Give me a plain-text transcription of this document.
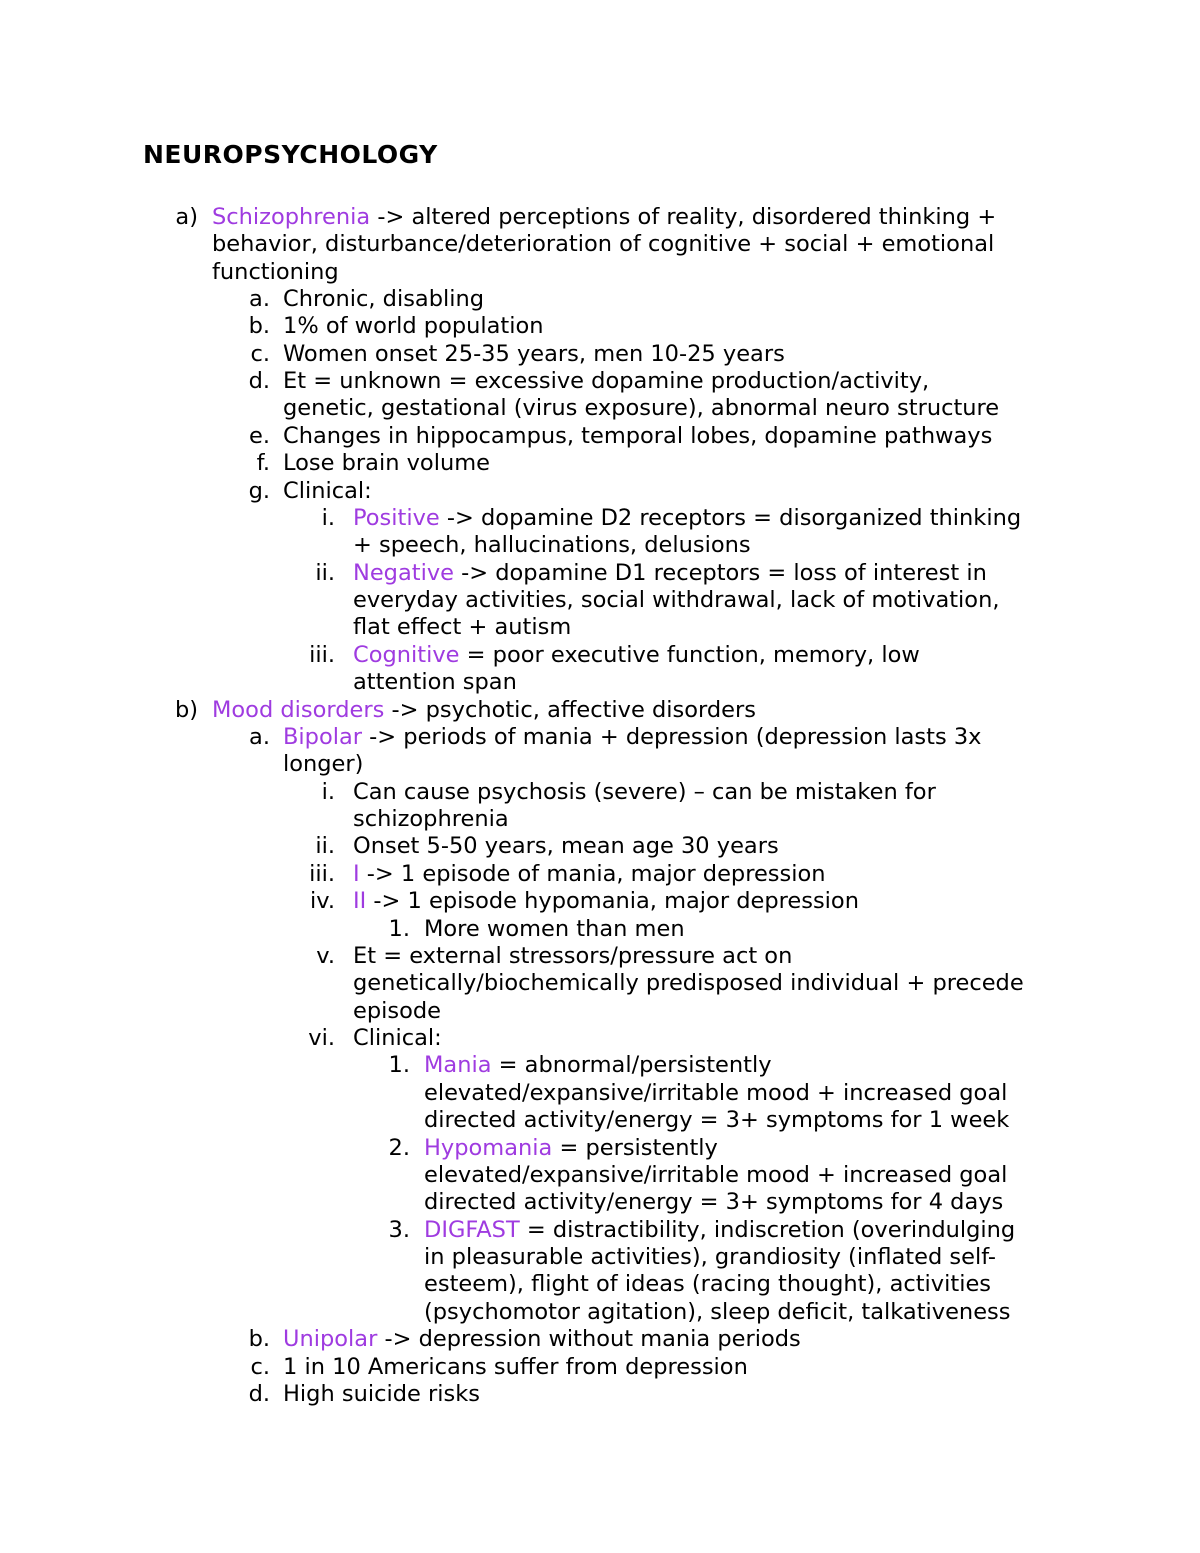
NEUROPSYCHOLOGY
a) Schizophrenia -> altered perceptions of reality, disordered thinking +
behavior, disturbance/deterioration of cognitive + social + emotional
functioning
a. Chronic, disabling
b. 1% of world population
c. Women onset 25-35 years, men 10-25 years
d. Et = unknown = excessive dopamine production/activity,
genetic, gestational (virus exposure), abnormal neuro structure
e. Changes in hippocampus, temporal lobes, dopamine pathways
f. Lose brain volume
g. Clinical:
i. Positive -> dopamine D2 receptors = disorganized thinking
+ speech, hallucinations, delusions
ii. Negative -> dopamine D1 receptors = loss of interest in
everyday activities, social withdrawal, lack of motivation,
flat effect + autism
iii. Cognitive = poor executive function, memory, low
attention span
b) Mood disorders -> psychotic, affective disorders
a. Bipolar -> periods of mania + depression (depression lasts 3x
longer)
i. Can cause psychosis (severe) – can be mistaken for
schizophrenia
ii. Onset 5-50 years, mean age 30 years
iii. I -> 1 episode of mania, major depression
iv. II -> 1 episode hypomania, major depression
1. More women than men
v. Et = external stressors/pressure act on
genetically/biochemically predisposed individual + precede
episode
vi. Clinical:
1. Mania = abnormal/persistently
elevated/expansive/irritable mood + increased goal
directed activity/energy = 3+ symptoms for 1 week
2. Hypomania = persistently
elevated/expansive/irritable mood + increased goal
directed activity/energy = 3+ symptoms for 4 days
3. DIGFAST = distractibility, indiscretion (overindulging
in pleasurable activities), grandiosity (inflated self-
esteem), flight of ideas (racing thought), activities
(psychomotor agitation), sleep deficit, talkativeness
b. Unipolar -> depression without mania periods
c. 1 in 10 Americans suffer from depression
d. High suicide risks
